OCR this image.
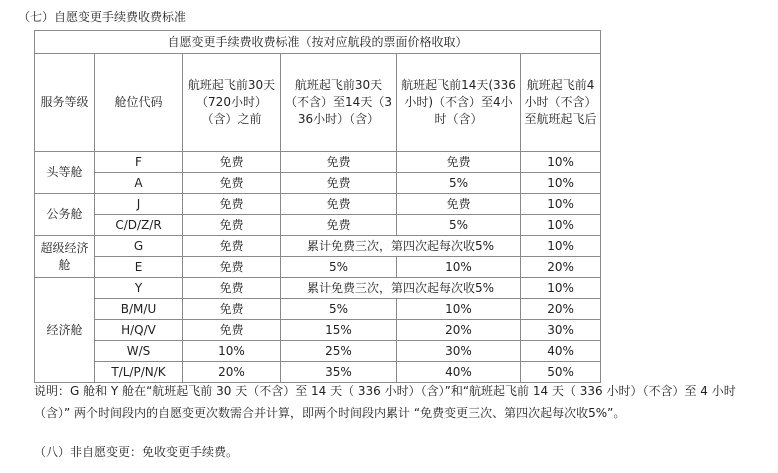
（七）自愿变更手续费收费标准
自愿变更手续费收费标准（按对应航段的票面价格收取）					
服务等级	舱位代码	航班起飞前30天（720小时）（含）之前	航班起飞前30天（不含）至14天（336小时）（含）	航班起飞前14天(336小时)（不含）至4小时（含）	航班起飞前4小时（不含）至航班起飞后
头等舱	F	免费	免费	免费	10%
	A	免费	免费	5%	10%
公务舱	J	免费	免费	免费	10%
	C/D/Z/R	免费	免费	5%	10%
超级经济舱	G	免费	累计免费三次，第四次起每次收5%		10%
	E	免费	5%	10%	20%
经济舱	Y	免费	累计免费三次，第四次起每次收5%		10%
	B/M/U	免费	5%	10%	20%
	H/Q/V	免费	15%	20%	30%
	W/S	10%	25%	30%	40%
	T/L/P/N/K	20%	35%	40%	50%
说明：G 舱和 Y 舱在“航班起飞前 30 天（不含）至 14 天（ 336 小时）（含）”和“航班起飞前 14 天（ 336 小时）（不含）至 4 小时（含）” 两个时间段内的自愿变更次数需合并计算，即两个时间段内累计 “免费变更三次、第四次起每次收5%”。
（八）非自愿变更：免收变更手续费。
